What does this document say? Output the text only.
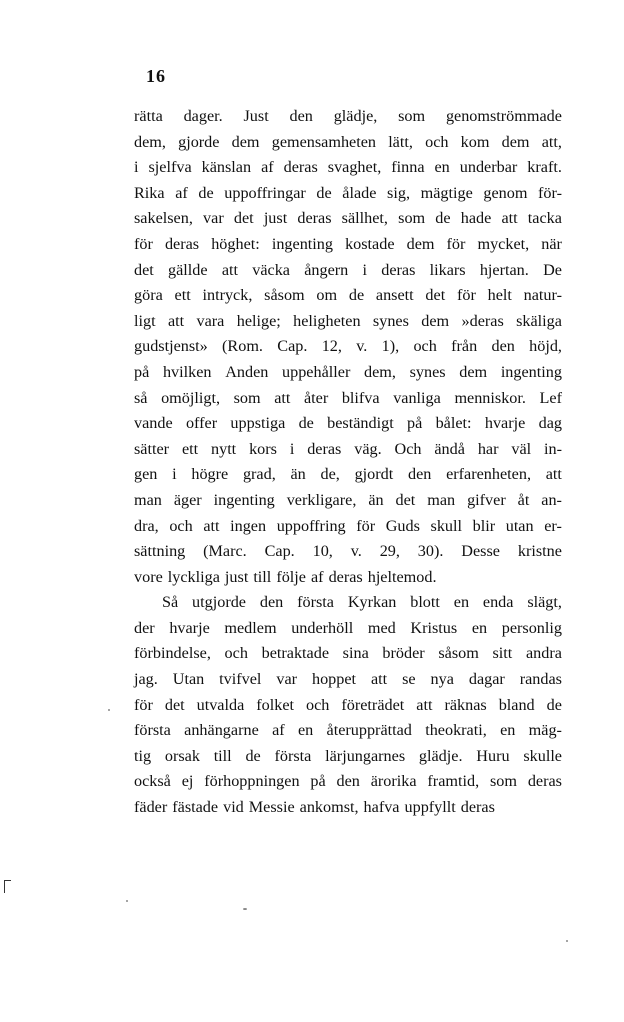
16
rätta dager. Just den glädje, som genomströmmade
dem, gjorde dem gemensamheten lätt, och kom dem att,
i sjelfva känslan af deras svaghet, finna en underbar kraft.
Rika af de uppoffringar de ålade sig, mägtige genom för-
sakelsen, var det just deras sällhet, som de hade att tacka
för deras höghet: ingenting kostade dem för mycket, när
det gällde att väcka ångern i deras likars hjertan. De
göra ett intryck, såsom om de ansett det för helt natur-
ligt att vara helige; heligheten synes dem »deras skäliga
gudstjenst» (Rom. Cap. 12, v. 1), och från den höjd,
på hvilken Anden uppehåller dem, synes dem ingenting
så omöjligt, som att åter blifva vanliga menniskor. Lef
vande offer uppstiga de beständigt på bålet: hvarje dag
sätter ett nytt kors i deras väg. Och ändå har väl in-
gen i högre grad, än de, gjordt den erfarenheten, att
man äger ingenting verkligare, än det man gifver åt an-
dra, och att ingen uppoffring för Guds skull blir utan er-
sättning (Marc. Cap. 10, v. 29, 30). Desse kristne
vore lyckliga just till följe af deras hjeltemod.
Så utgjorde den första Kyrkan blott en enda slägt,
der hvarje medlem underhöll med Kristus en personlig
förbindelse, och betraktade sina bröder såsom sitt andra
jag. Utan tvifvel var hoppet att se nya dagar randas
för det utvalda folket och företrädet att räknas bland de
första anhängarne af en återupprättad theokrati, en mäg-
tig orsak till de första lärjungarnes glädje. Huru skulle
också ej förhoppningen på den ärorika framtid, som deras
fäder fästade vid Messie ankomst, hafva uppfyllt deras
